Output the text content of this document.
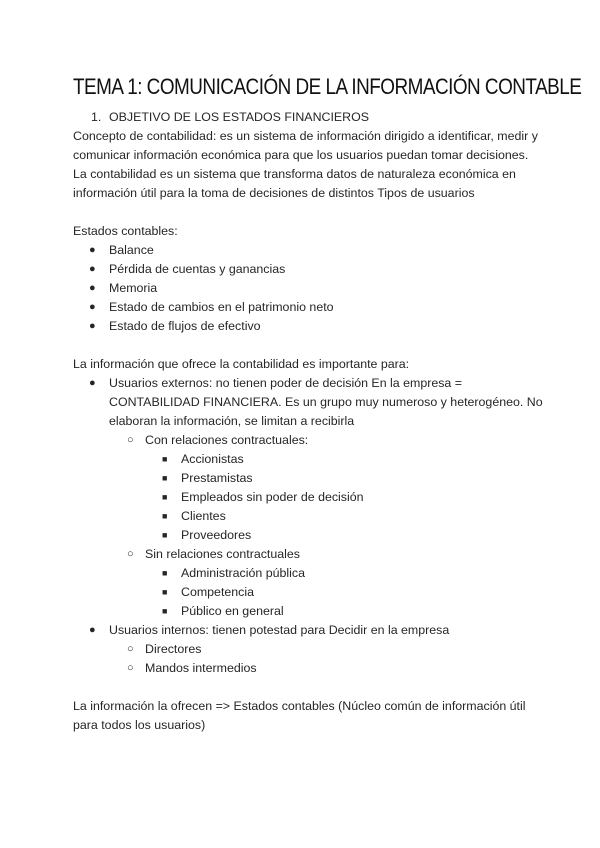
TEMA 1: COMUNICACIÓN DE LA INFORMACIÓN CONTABLE
1. OBJETIVO DE LOS ESTADOS FINANCIEROS

Concepto de contabilidad: es un sistema de información dirigido a identificar, medir y comunicar información económica para que los usuarios puedan tomar decisiones.

La contabilidad es un sistema que transforma datos de naturaleza económica en información útil para la toma de decisiones de distintos Tipos de usuarios

Estados contables:

● Balance
● Pérdida de cuentas y ganancias
● Memoria
● Estado de cambios en el patrimonio neto
● Estado de flujos de efectivo

La información que ofrece la contabilidad es importante para:

● Usuarios externos: no tienen poder de decisión En la empresa = CONTABILIDAD FINANCIERA. Es un grupo muy numeroso y heterogéneo. No elaboran la información, se limitan a recibirla
○ Con relaciones contractuales:
■ Accionistas
■ Prestamistas
■ Empleados sin poder de decisión
■ Clientes
■ Proveedores
○ Sin relaciones contractuales
■ Administración pública
■ Competencia
■ Público en general
● Usuarios internos: tienen potestad para Decidir en la empresa
○ Directores
○ Mandos intermedios

La información la ofrecen => Estados contables (Núcleo común de información útil para todos los usuarios)
